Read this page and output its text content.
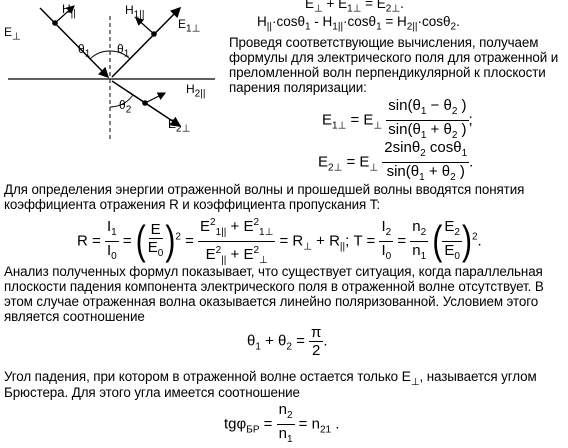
$E_\perp$
$H_{||}$	$H_{1||}$
$E_{1\perp}$
$\theta_1$ $\theta_1$
$\theta_2$
$H_{2||}$
$E_{2\perp}$
$E_\perp + E_{1\perp} = E_{2\perp}$.
$H_{||}\cdot\cos\theta_1 - H_{1||}\cdot\cos\theta_1 = H_{2||}\cdot\cos\theta_2$.
Проведя соответствующие вычисления, получаем
формулы для электрического поля для отраженной и
преломленной волн перпендикулярной к плоскости
парения поляризации:
$E_{1\perp} = E_\perp \frac{\sin(\theta_1 - \theta_2 )}{\sin(\theta_1 + \theta_2 )}$ ;
$E_{2\perp} = E_\perp \frac{2\sin\theta_2 \cos\theta_1}{\sin(\theta_1 + \theta_2 )}$ .
Для определения энергии отраженной волны и прошедшей волны вводятся понятия
коэффициента отражения R и коэффициента пропускания T:
$R = \frac{I_1}{I_0}$ = ( $\frac{E}{E_0} )^2 = \frac{E^2_{1||} + E^2_{1\perp}}{E^2_{||} + E^2_\perp} = R_\perp + R_{||}$; $T = \frac{I_2}{I_0} = \frac{n_2}{n_1}$ ( $\frac{E_2}{E_0} )^2$.
Анализ полученных формул показывает, что существует ситуация, когда параллельная
плоскости падения компонента электрического поля в отраженной волне отсутствует. В
этом случае отраженная волна оказывается линейно поляризованной. Условием этого
является соотношение
$\theta_1 + \theta_2 = \frac{\pi}{2}$ .
Угол падения, при котором в отраженной волне остается только $E_\perp$, называется углом
Брюстера. Для этого угла имеется соотношение
$tg\varphi_{БР} = \frac{n_2}{n_1} = n_{21}$ .
